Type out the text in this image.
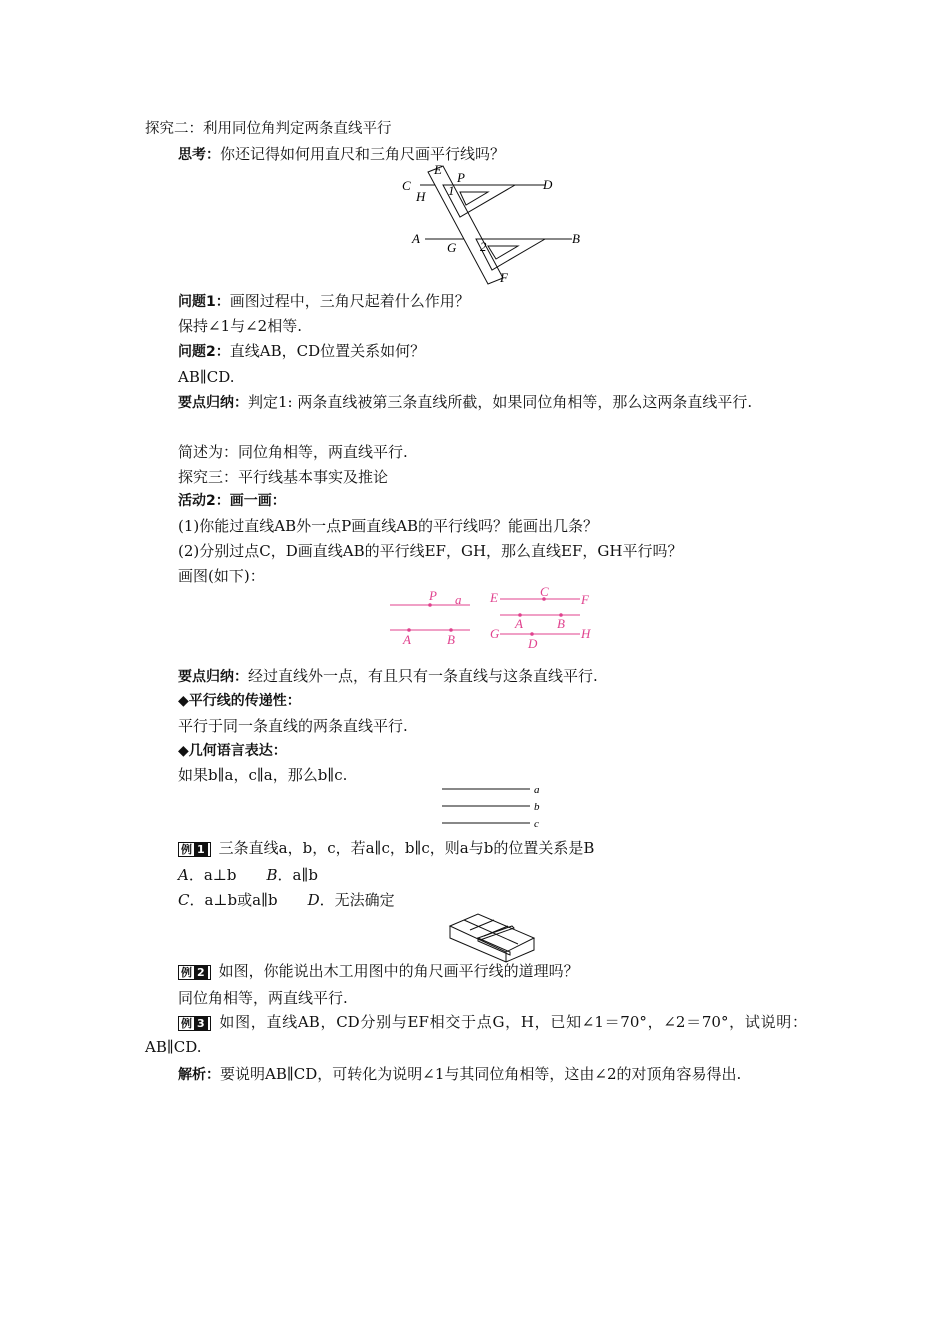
探究二：利用同位角判定两条直线平行
思考：你还记得如何用直尺和三角尺画平行线吗？
C
E
P	D
H 1
A
G 2
B
F
问题1：画图过程中，三角尺起着什么作用？
保持∠1与∠2相等.
问题2：直线AB，CD位置关系如何？
AB∥CD.
要点归纳：判定1: 两条直线被第三条直线所截，如果同位角相等，那么这两条直线平行.
简述为：同位角相等，两直线平行.
探究三：平行线基本事实及推论
活动2：画一画：
(1)你能过直线AB外一点P画直线AB的平行线吗？能画出几条？
(2)分别过点C，D画直线AB的平行线EF，GH，那么直线EF，GH平行吗？
画图(如下)：
P a
A	B
E	C
F
A	B
G
D
H
要点归纳：经过直线外一点，有且只有一条直线与这条直线平行.
◆平行线的传递性：
平行于同一条直线的两条直线平行.
◆几何语言表达：
如果b∥a，c∥a，那么b∥c.
a
b
c
例 1 三条直线a，b，c，若a∥c，b∥c，则a与b的位置关系是B
A．a⊥b B．a∥b
C．a⊥b或a∥b D．无法确定
例 2 如图，你能说出木工用图中的角尺画平行线的道理吗？
同位角相等，两直线平行.
例 3 如图，直线AB，CD分别与EF相交于点G，H，已知∠1＝70°，∠2＝70°，试说明：AB∥CD.
解析：要说明AB∥CD，可转化为说明∠1与其同位角相等，这由∠2的对顶角容易得出.
